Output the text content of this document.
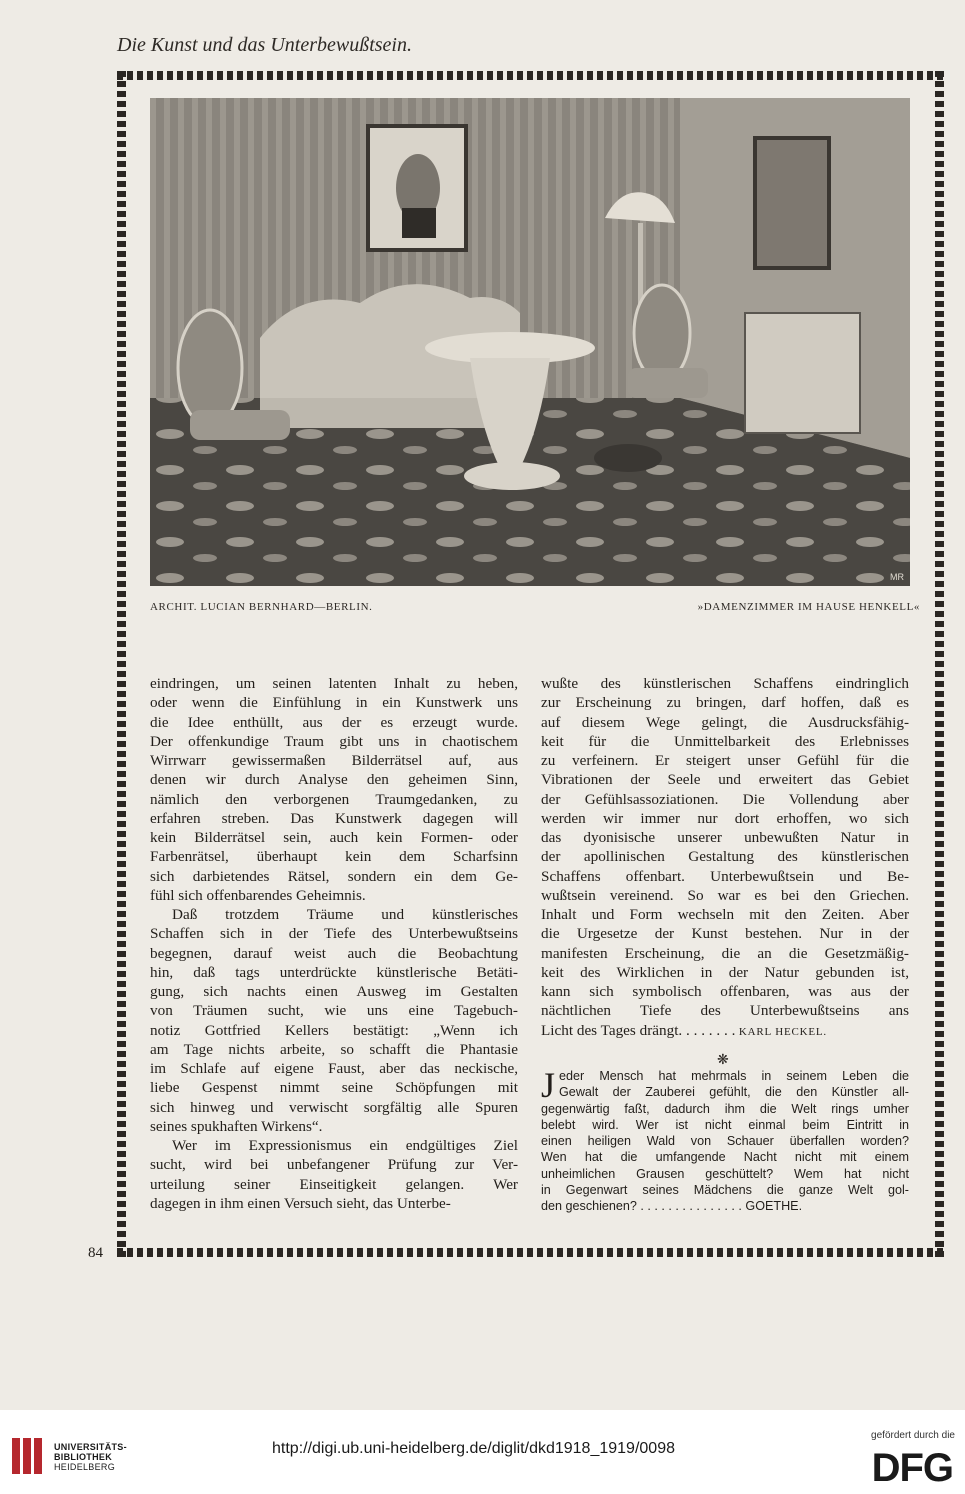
Die Kunst und das Unterbewußtsein.
MR
ARCHIT. LUCIAN BERNHARD—BERLIN.	»DAMENZIMMER IM HAUSE HENKELL«
eindringen, um seinen latenten Inhalt zu heben,
oder wenn die Einfühlung in ein Kunstwerk uns
die Idee enthüllt, aus der es erzeugt wurde.
Der offenkundige Traum gibt uns in chaotischem
Wirrwarr gewissermaßen Bilderrätsel auf, aus
denen wir durch Analyse den geheimen Sinn,
nämlich den verborgenen Traumgedanken, zu
erfahren streben. Das Kunstwerk dagegen will
kein Bilderrätsel sein, auch kein Formen- oder
Farbenrätsel, überhaupt kein dem Scharfsinn
sich darbietendes Rätsel, sondern ein dem Ge-
fühl sich offenbarendes Geheimnis.
Daß trotzdem Träume und künstlerisches
Schaffen sich in der Tiefe des Unterbewußtseins
begegnen, darauf weist auch die Beobachtung
hin, daß tags unterdrückte künstlerische Betäti-
gung, sich nachts einen Ausweg im Gestalten
von Träumen sucht, wie uns eine Tagebuch-
notiz Gottfried Kellers bestätigt: „Wenn ich
am Tage nichts arbeite, so schafft die Phantasie
im Schlafe auf eigene Faust, aber das neckische,
liebe Gespenst nimmt seine Schöpfungen mit
sich hinweg und verwischt sorgfältig alle Spuren
seines spukhaften Wirkens“.
Wer im Expressionismus ein endgültiges Ziel
sucht, wird bei unbefangener Prüfung zur Ver-
urteilung seiner Einseitigkeit gelangen. Wer
dagegen in ihm einen Versuch sieht, das Unterbe-
wußte des künstlerischen Schaffens eindringlich
zur Erscheinung zu bringen, darf hoffen, daß es
auf diesem Wege gelingt, die Ausdrucksfähig-
keit für die Unmittelbarkeit des Erlebnisses
zu verfeinern. Er steigert unser Gefühl für die
Vibrationen der Seele und erweitert das Gebiet
der Gefühlsassoziationen. Die Vollendung aber
werden wir immer nur dort erhoffen, wo sich
das dyonisische unserer unbewußten Natur in
der apollinischen Gestaltung des künstlerischen
Schaffens offenbart. Unterbewußtsein und Be-
wußtsein vereinend. So war es bei den Griechen.
Inhalt und Form wechseln mit den Zeiten. Aber
die Urgesetze der Kunst bestehen. Nur in der
manifesten Erscheinung, die an die Gesetzmäßig-
keit des Wirklichen in der Natur gebunden ist,
kann sich symbolisch offenbaren, was aus der
nächtlichen Tiefe des Unterbewußtseins ans
Licht des Tages drängt. . . . . . . . KARL HECKEL.
❋
J eder Mensch hat mehrmals in seinem Leben die
Gewalt der Zauberei gefühlt, die den Künstler all-
gegenwärtig faßt, dadurch ihm die Welt rings umher
belebt wird. Wer ist nicht einmal beim Eintritt in
einen heiligen Wald von Schauer überfallen worden?
Wen hat die umfangende Nacht nicht mit einem
unheimlichen Grausen geschüttelt? Wem hat nicht
in Gegenwart seines Mädchens die ganze Welt gol-
den geschienen? . . . . . . . . . . . . . . . GOETHE.
84
UNIVERSITÄTS-
BIBLIOTHEK
HEIDELBERG
http://digi.ub.uni-heidelberg.de/diglit/dkd1918_1919/0098
gefördert durch die
DFG
